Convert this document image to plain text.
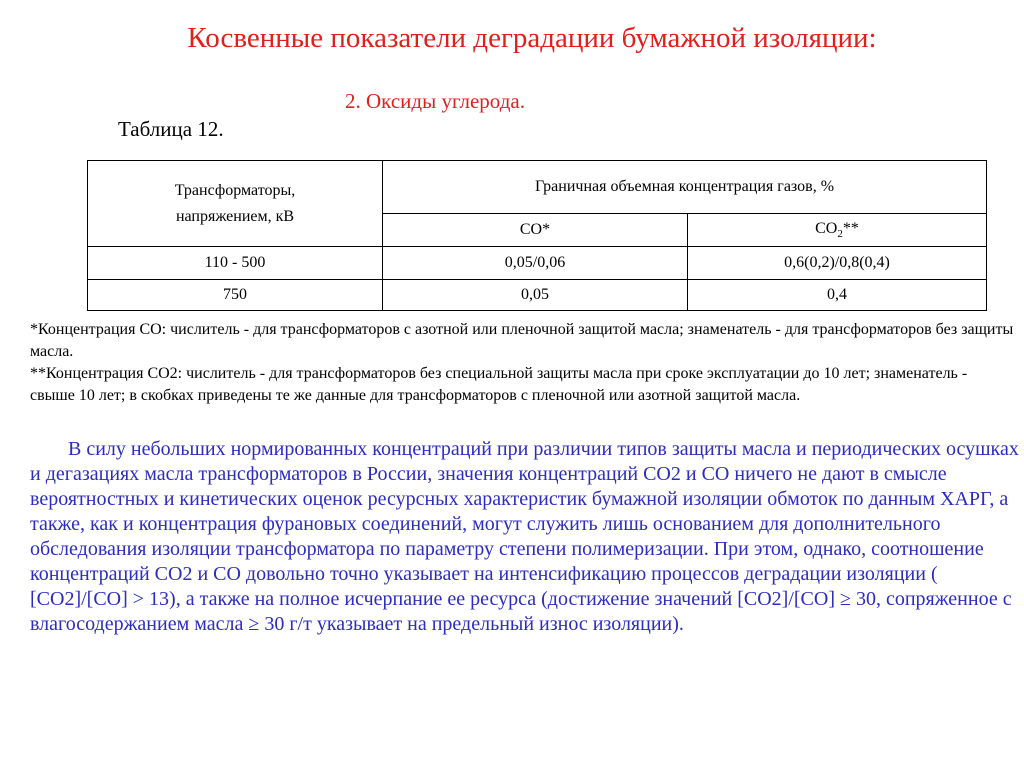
Косвенные показатели деградации бумажной изоляции:
2. Оксиды углерода.
Таблица 12.
Трансформаторы,
напряжением, кВ	Граничная объемная концентрация газов, %	
	CO*	$CO_2**$
110 - 500	0,05/0,06	0,6(0,2)/0,8(0,4)
750	0,05	0,4
*Концентрация СО: числитель - для трансформаторов с азотной или пленочной защитой масла; знаменатель - для трансформаторов без защиты масла.
**Концентрация СО2: числитель - для трансформаторов без специальной защиты масла при сроке эксплуатации до 10 лет; знаменатель - свыше 10 лет; в скобках приведены те же данные для трансформаторов с пленочной или азотной защитой масла.

В силу небольших нормированных концентраций при различии типов защиты масла и периодических осушках и дегазациях масла трансформаторов в России, значения концентраций СО2 и СО ничего не дают в смысле вероятностных и кинетических оценок ресурсных характеристик бумажной изоляции обмоток по данным ХАРГ, а также, как и концентрация фурановых соединений, могут служить лишь основанием для дополнительного обследования изоляции трансформатора по параметру степени полимеризации. При этом, однако, соотношение концентраций СО2 и СО довольно точно указывает на интенсификацию процессов деградации изоляции ( [CO2]/[CO] > 13), а также на полное исчерпание ее ресурса (достижение значений [CO2]/[CO] ≥ 30, сопряженное с влагосодержанием масла ≥ 30 г/т указывает на предельный износ изоляции).
